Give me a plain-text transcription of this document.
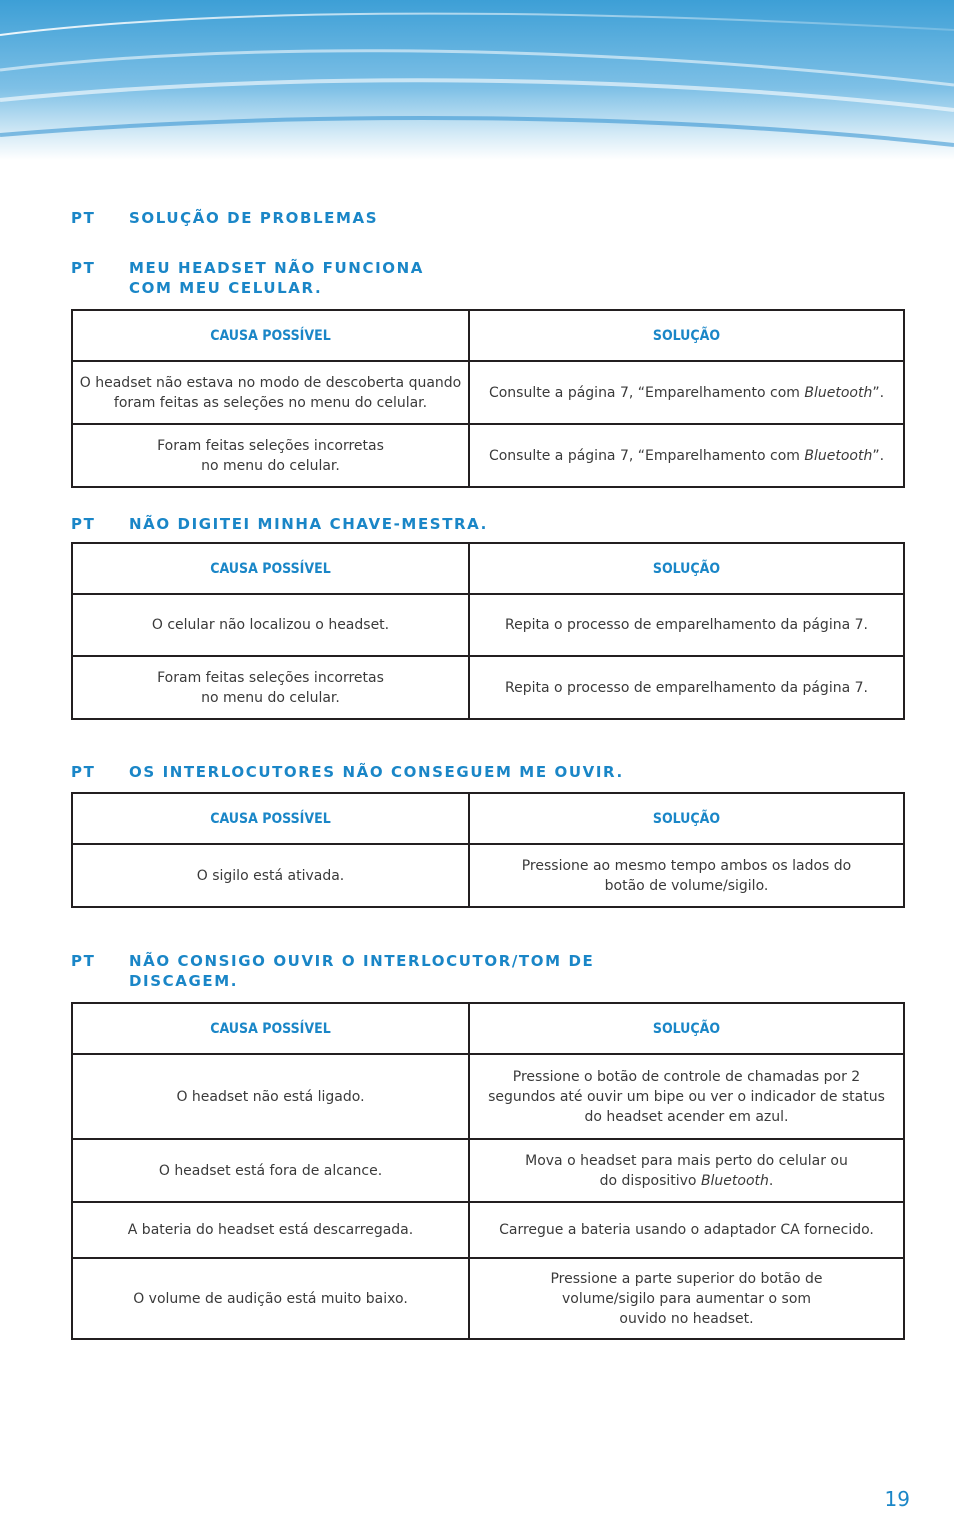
PT	SOLUÇÃO DE PROBLEMAS
PT	MEU HEADSET NÃO FUNCIONA
COM MEU CELULAR.
CAUSA POSSÍVEL	SOLUÇÃO
O headset não estava no modo de descoberta quando
foram feitas as seleções no menu do celular.	Consulte a página 7, “Emparelhamento com Bluetooth”.
Foram feitas seleções incorretas
no menu do celular.	Consulte a página 7, “Emparelhamento com Bluetooth”.
PT	NÃO DIGITEI MINHA CHAVE-MESTRA.
CAUSA POSSÍVEL	SOLUÇÃO
O celular não localizou o headset.	Repita o processo de emparelhamento da página 7.
Foram feitas seleções incorretas
no menu do celular.	Repita o processo de emparelhamento da página 7.
PT	OS INTERLOCUTORES NÃO CONSEGUEM ME OUVIR.
CAUSA POSSÍVEL	SOLUÇÃO
O sigilo está ativada.	Pressione ao mesmo tempo ambos os lados do
botão de volume/sigilo.
PT	NÃO CONSIGO OUVIR O INTERLOCUTOR/TOM DE
DISCAGEM.
CAUSA POSSÍVEL	SOLUÇÃO
O headset não está ligado.	Pressione o botão de controle de chamadas por 2
segundos até ouvir um bipe ou ver o indicador de status
do headset acender em azul.
O headset está fora de alcance.	Mova o headset para mais perto do celular ou
do dispositivo Bluetooth.
A bateria do headset está descarregada.	Carregue a bateria usando o adaptador CA fornecido.
O volume de audição está muito baixo.	Pressione a parte superior do botão de
volume/sigilo para aumentar o som
ouvido no headset.
19
